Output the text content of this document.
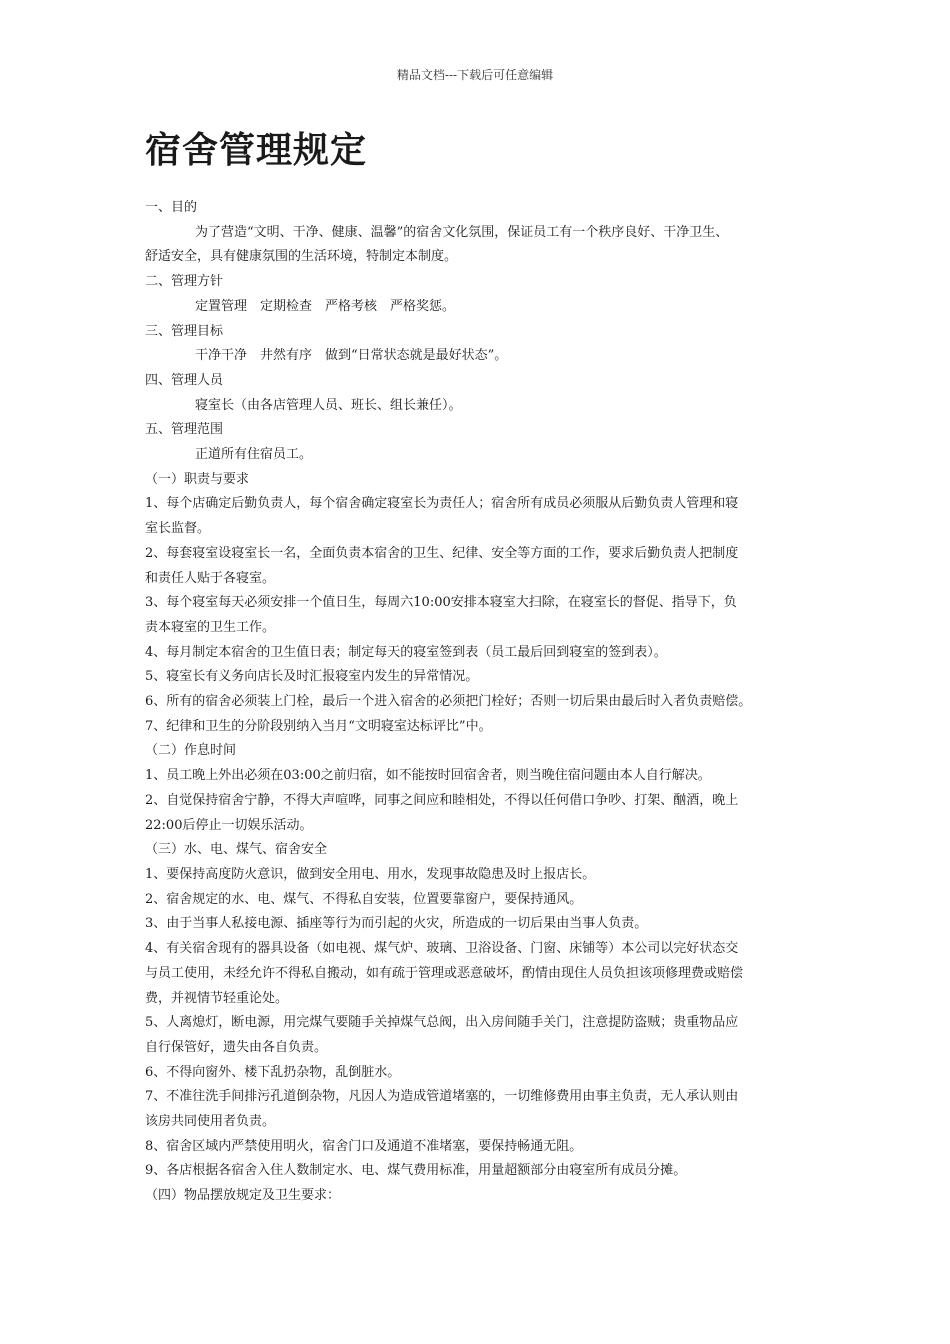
精品文档---下载后可任意编辑
宿舍管理规定
一、目的
为了营造“文明、干净、健康、温馨”的宿舍文化氛围，保证员工有一个秩序良好、干净卫生、
舒适安全，具有健康氛围的生活环境，特制定本制度。
二、管理方针
定置管理　定期检查　严格考核　严格奖惩。
三、管理目标
干净干净　井然有序　做到“日常状态就是最好状态”。
四、管理人员
寝室长（由各店管理人员、班长、组长兼任）。
五、管理范围
正道所有住宿员工。
（一）职责与要求
1、每个店确定后勤负责人，每个宿舍确定寝室长为责任人；宿舍所有成员必须服从后勤负责人管理和寝
室长监督。
2、每套寝室设寝室长一名，全面负责本宿舍的卫生、纪律、安全等方面的工作，要求后勤负责人把制度
和责任人贴于各寝室。
3、每个寝室每天必须安排一个值日生，每周六10:00安排本寝室大扫除，在寝室长的督促、指导下，负
责本寝室的卫生工作。
4、每月制定本宿舍的卫生值日表；制定每天的寝室签到表（员工最后回到寝室的签到表）。
5、寝室长有义务向店长及时汇报寝室内发生的异常情况。
6、所有的宿舍必须装上门栓，最后一个进入宿舍的必须把门栓好；否则一切后果由最后时入者负责赔偿。
7、纪律和卫生的分阶段别纳入当月“文明寝室达标评比”中。
（二）作息时间
1、员工晚上外出必须在03:00之前归宿，如不能按时回宿舍者，则当晚住宿问题由本人自行解决。
2、自觉保持宿舍宁静，不得大声喧哗，同事之间应和睦相处，不得以任何借口争吵、打架、酗酒，晚上
22:00后停止一切娱乐活动。
（三）水、电、煤气、宿舍安全
1、要保持高度防火意识，做到安全用电、用水，发现事故隐患及时上报店长。
2、宿舍规定的水、电、煤气、不得私自安装，位置要靠窗户，要保持通风。
3、由于当事人私接电源、插座等行为而引起的火灾，所造成的一切后果由当事人负责。
4、有关宿舍现有的器具设备（如电视、煤气炉、玻璃、卫浴设备、门窗、床铺等）本公司以完好状态交
与员工使用，未经允许不得私自搬动，如有疏于管理或恶意破坏，酌情由现住人员负担该项修理费或赔偿
费，并视情节轻重论处。
5、人离熄灯，断电源，用完煤气要随手关掉煤气总阀，出入房间随手关门，注意提防盗贼；贵重物品应
自行保管好，遗失由各自负责。
6、不得向窗外、楼下乱扔杂物，乱倒脏水。
7、不准往洗手间排污孔道倒杂物，凡因人为造成管道堵塞的，一切维修费用由事主负责，无人承认则由
该房共同使用者负责。
8、宿舍区域内严禁使用明火，宿舍门口及通道不准堵塞，要保持畅通无阻。
9、各店根据各宿舍入住人数制定水、电、煤气费用标准，用量超额部分由寝室所有成员分摊。
（四）物品摆放规定及卫生要求：
